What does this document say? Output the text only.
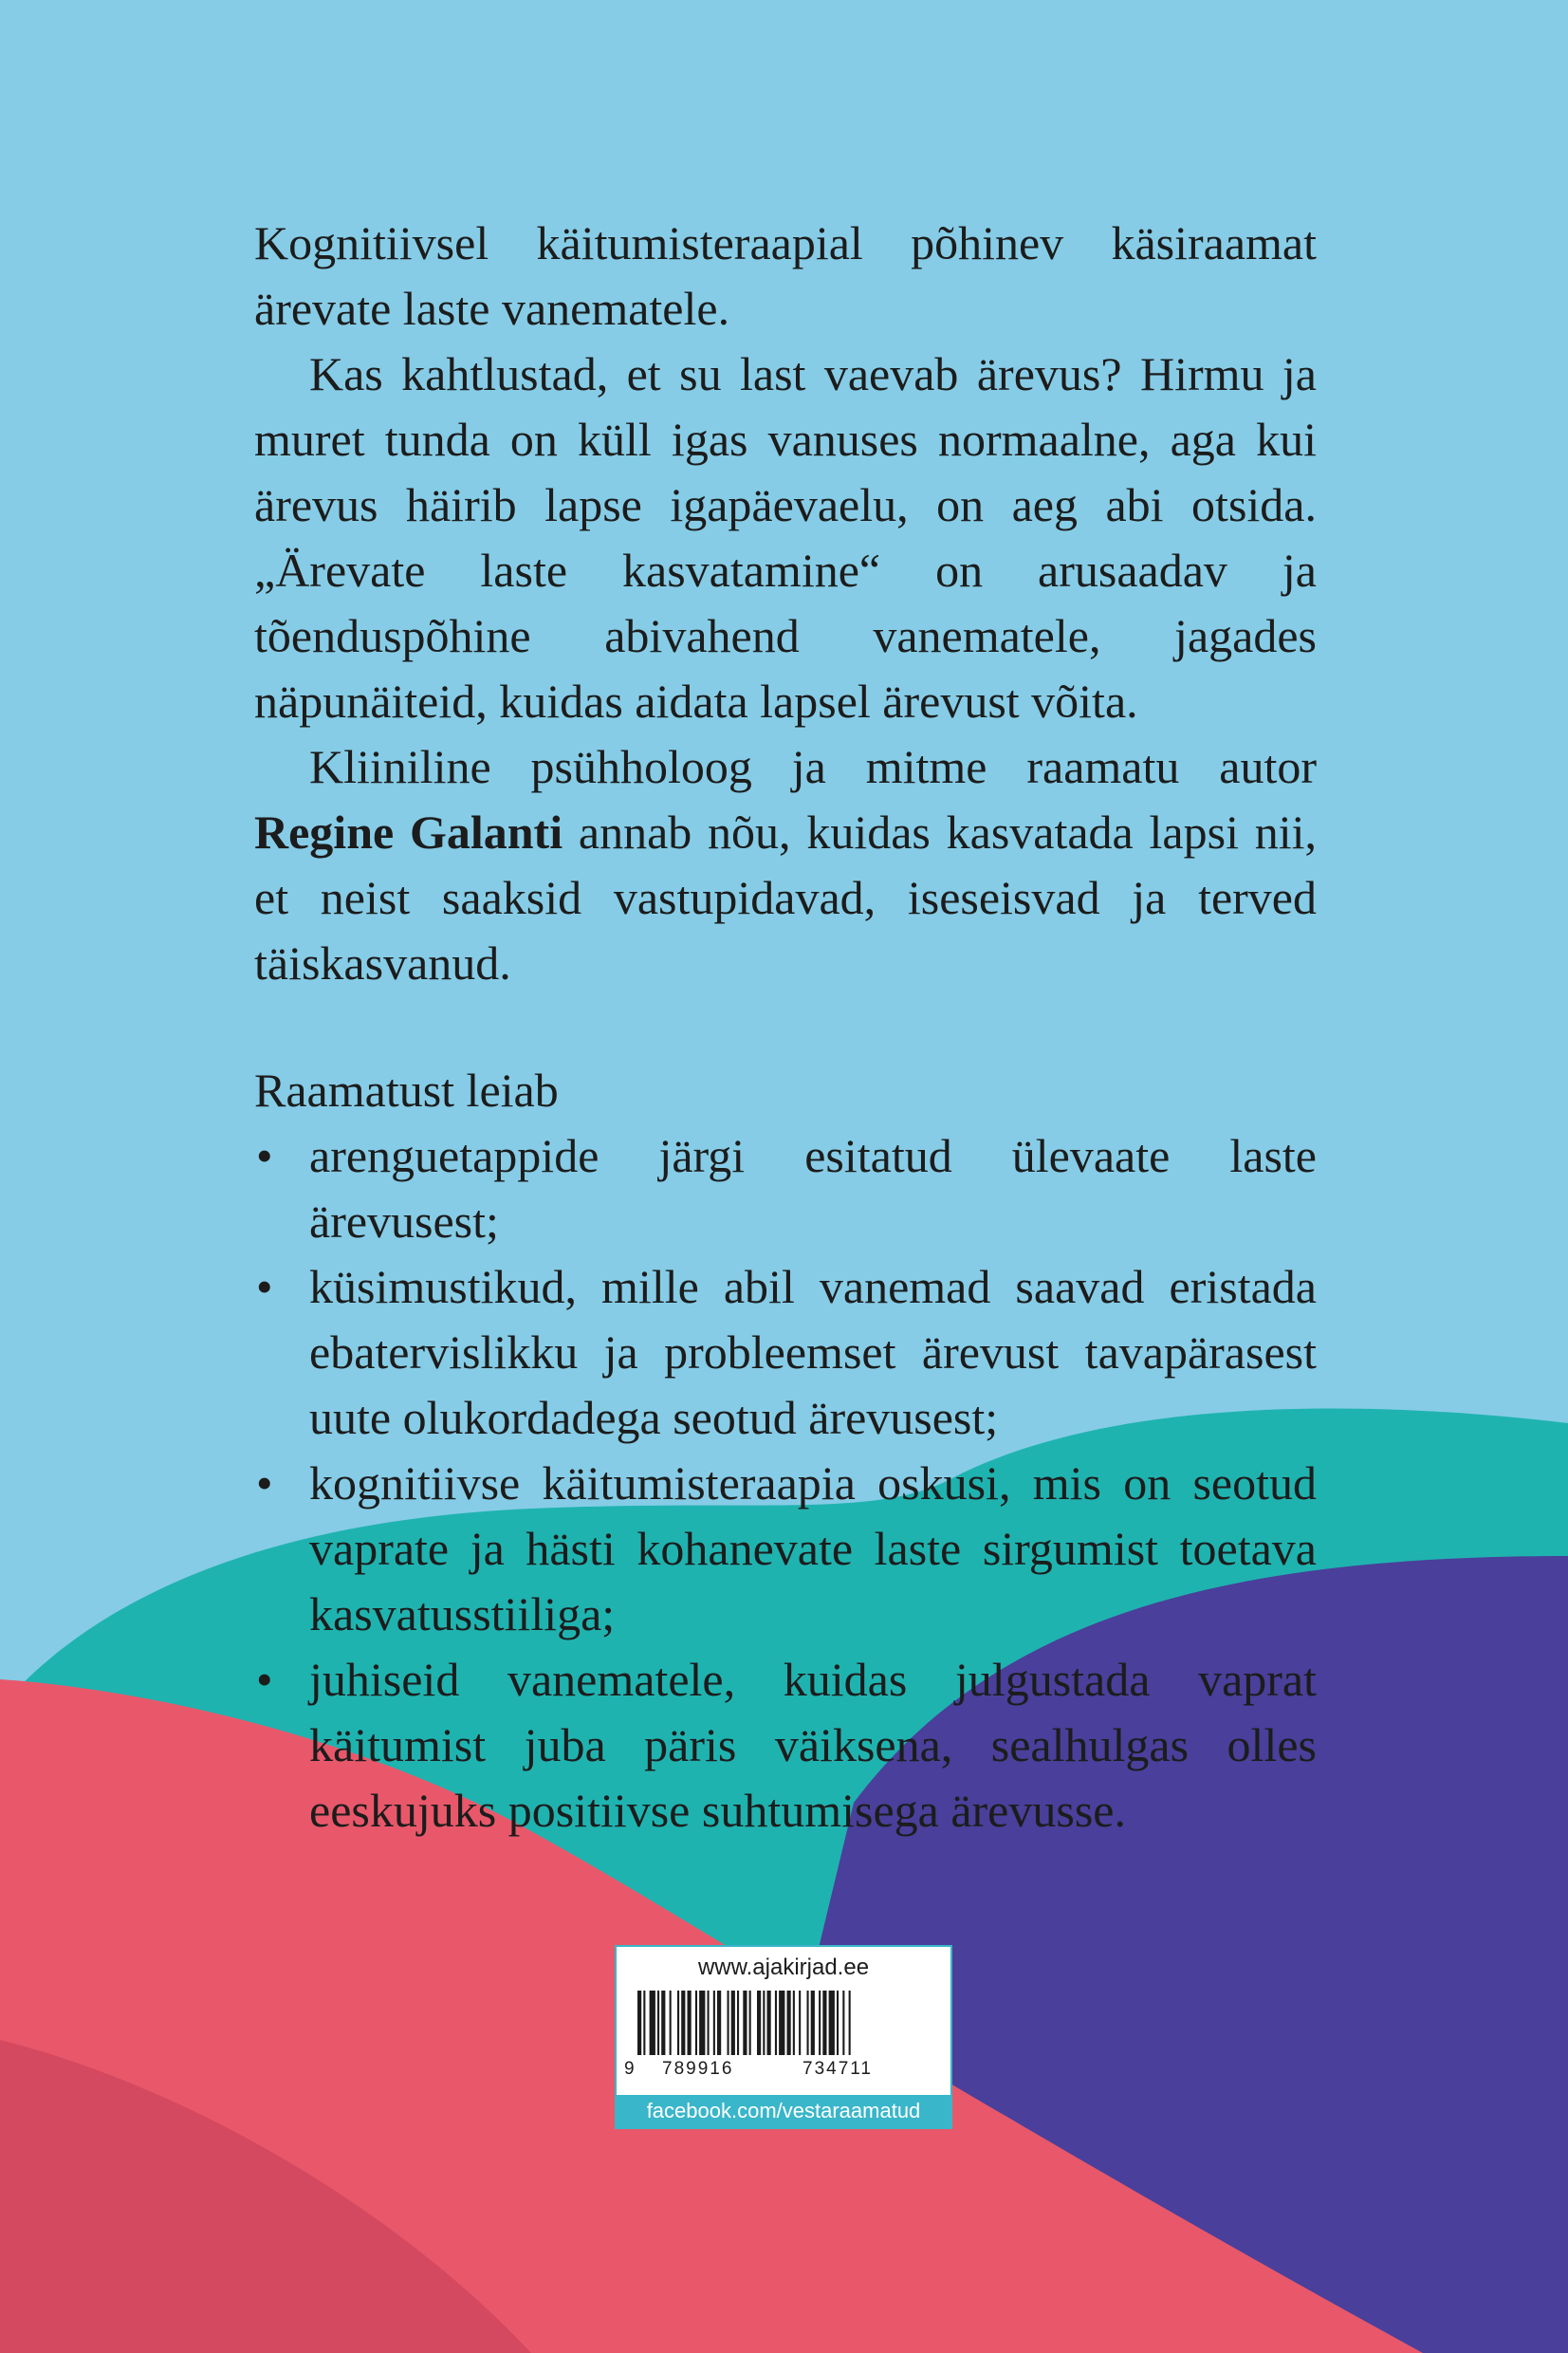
Kognitiivsel käitumisteraapial põhinev käsiraamat ärevate laste vanematele.

Kas kahtlustad, et su last vaevab ärevus? Hirmu ja muret tunda on küll igas vanuses normaalne, aga kui ärevus häirib lapse igapäevaelu, on aeg abi otsida. „Ärevate laste kasvatamine“ on arusaadav ja tõenduspõhine abivahend vanematele, jagades näpunäiteid, kuidas aidata lapsel ärevust võita.

Kliiniline psühholoog ja mitme raamatu autor Regine Galanti annab nõu, kuidas kasvatada lapsi nii, et neist saaksid vastupidavad, iseseisvad ja terved täiskasvanud.

Raamatust leiab

• arenguetappide järgi esitatud ülevaate laste ärevusest;
• küsimustikud, mille abil vanemad saavad eristada ebatervislikku ja probleemset ärevust tavapärasest uute olukordadega seotud ärevusest;
• kognitiivse käitumisteraapia oskusi, mis on seotud vaprate ja hästi kohanevate laste sirgumist toetava kasvatusstiiliga;
• juhiseid vanematele, kuidas julgustada vaprat käitumist juba päris väiksena, sealhulgas olles eeskujuks positiivse suhtumisega ärevusse.
www.ajakirjad.ee
9 789916	734711
facebook.com/vestaraamatud
